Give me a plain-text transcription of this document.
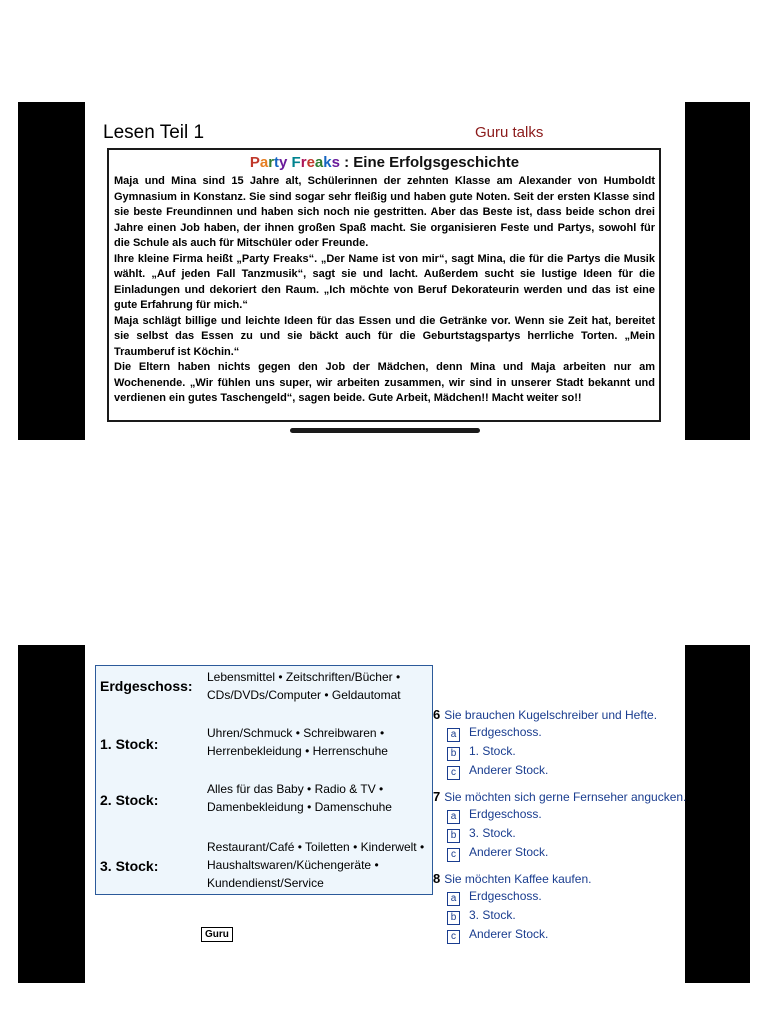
Lesen Teil 1	Guru talks
Party Freaks : Eine Erfolgsgeschichte

Maja und Mina sind 15 Jahre alt, Schülerinnen der zehnten Klasse am Alexander von Humboldt Gymnasium in Konstanz. Sie sind sogar sehr fleißig und haben gute Noten. Seit der ersten Klasse sind sie beste Freundinnen und haben sich noch nie gestritten. Aber das Beste ist, dass beide schon drei Jahre einen Job haben, der ihnen großen Spaß macht. Sie organisieren Feste und Partys, sowohl für die Schule als auch für Mitschüler oder Freunde.

Ihre kleine Firma heißt „Party Freaks“. „Der Name ist von mir“, sagt Mina, die für die Partys die Musik wählt. „Auf jeden Fall Tanzmusik“, sagt sie und lacht. Außerdem sucht sie lustige Ideen für die Einladungen und dekoriert den Raum. „Ich möchte von Beruf Dekorateurin werden und das ist eine gute Erfahrung für mich.“

Maja schlägt billige und leichte Ideen für das Essen und die Getränke vor. Wenn sie Zeit hat, bereitet sie selbst das Essen zu und sie bäckt auch für die Geburtstagspartys herrliche Torten. „Mein Traumberuf ist Köchin.“

Die Eltern haben nichts gegen den Job der Mädchen, denn Mina und Maja arbeiten nur am Wochenende. „Wir fühlen uns super, wir arbeiten zusammen, wir sind in unserer Stadt bekannt und verdienen ein gutes Taschengeld“, sagen beide. Gute Arbeit, Mädchen!! Macht weiter so!!

Erdgeschoss:
Lebensmittel • Zeitschriften/Bücher •
CDs/DVDs/Computer • Geldautomat
1. Stock:
Uhren/Schmuck • Schreibwaren •
Herrenbekleidung • Herrenschuhe
2. Stock:
Alles für das Baby • Radio & TV •
Damenbekleidung • Damenschuhe
3. Stock:
Restaurant/Café • Toiletten • Kinderwelt •
Haushaltswaren/Küchengeräte •
Kundendienst/Service
Guru
6 Sie brauchen Kugelschreiber und Hefte.
a Erdgeschoss.
b 1. Stock.
c Anderer Stock.
7 Sie möchten sich gerne Fernseher angucken.
a Erdgeschoss.
b 3. Stock.
c Anderer Stock.
8 Sie möchten Kaffee kaufen.
a Erdgeschoss.
b 3. Stock.
c Anderer Stock.
